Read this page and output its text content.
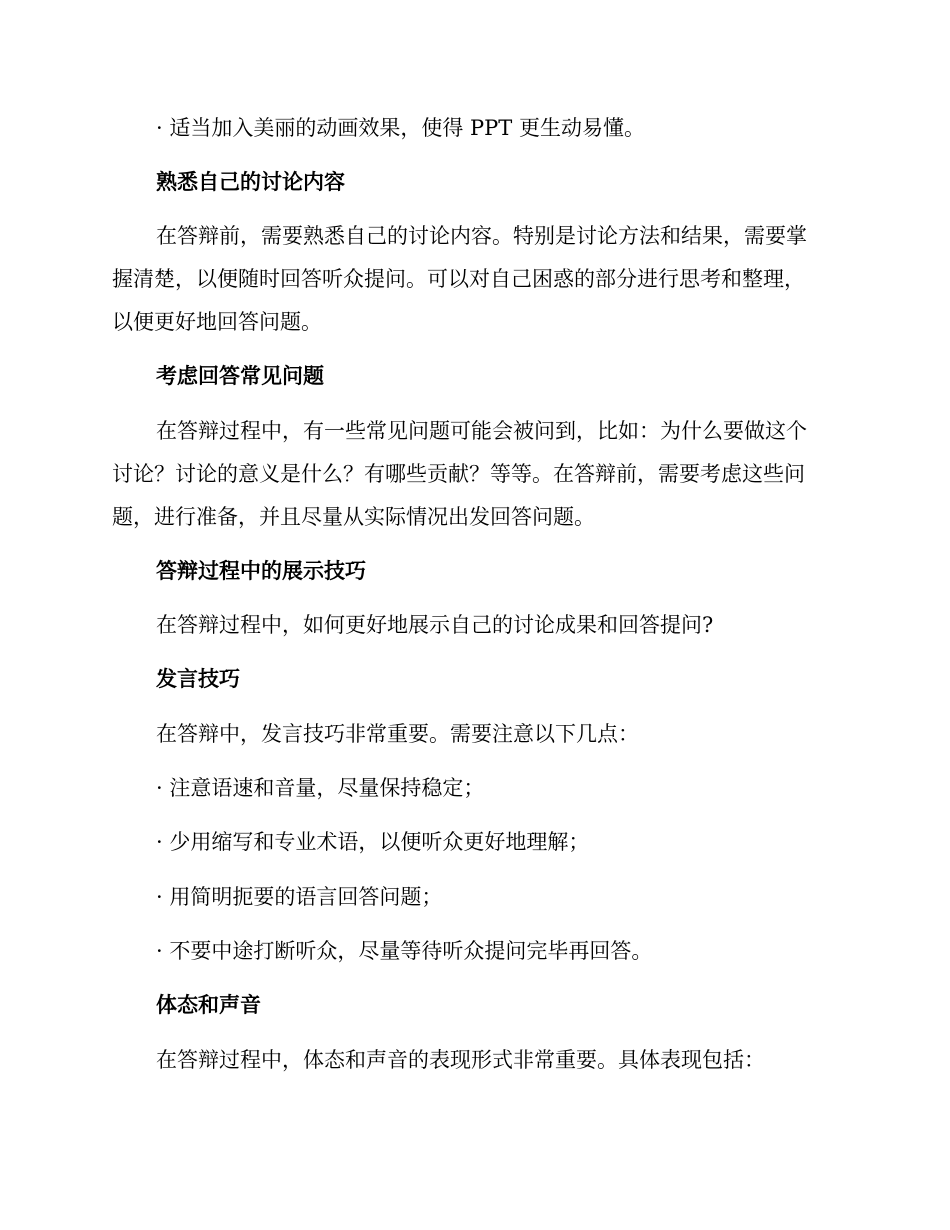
· 适当加入美丽的动画效果，使得 PPT 更生动易懂。
熟悉自己的讨论内容
在答辩前，需要熟悉自己的讨论内容。特别是讨论方法和结果，需要掌
握清楚，以便随时回答听众提问。可以对自己困惑的部分进行思考和整理，
以便更好地回答问题。
考虑回答常见问题
在答辩过程中，有一些常见问题可能会被问到，比如：为什么要做这个
讨论？讨论的意义是什么？有哪些贡献？等等。在答辩前，需要考虑这些问
题，进行准备，并且尽量从实际情况出发回答问题。
答辩过程中的展示技巧
在答辩过程中，如何更好地展示自己的讨论成果和回答提问?
发言技巧
在答辩中，发言技巧非常重要。需要注意以下几点：
· 注意语速和音量，尽量保持稳定；
· 少用缩写和专业术语，以便听众更好地理解；
· 用简明扼要的语言回答问题；
· 不要中途打断听众，尽量等待听众提问完毕再回答。
体态和声音
在答辩过程中，体态和声音的表现形式非常重要。具体表现包括：
